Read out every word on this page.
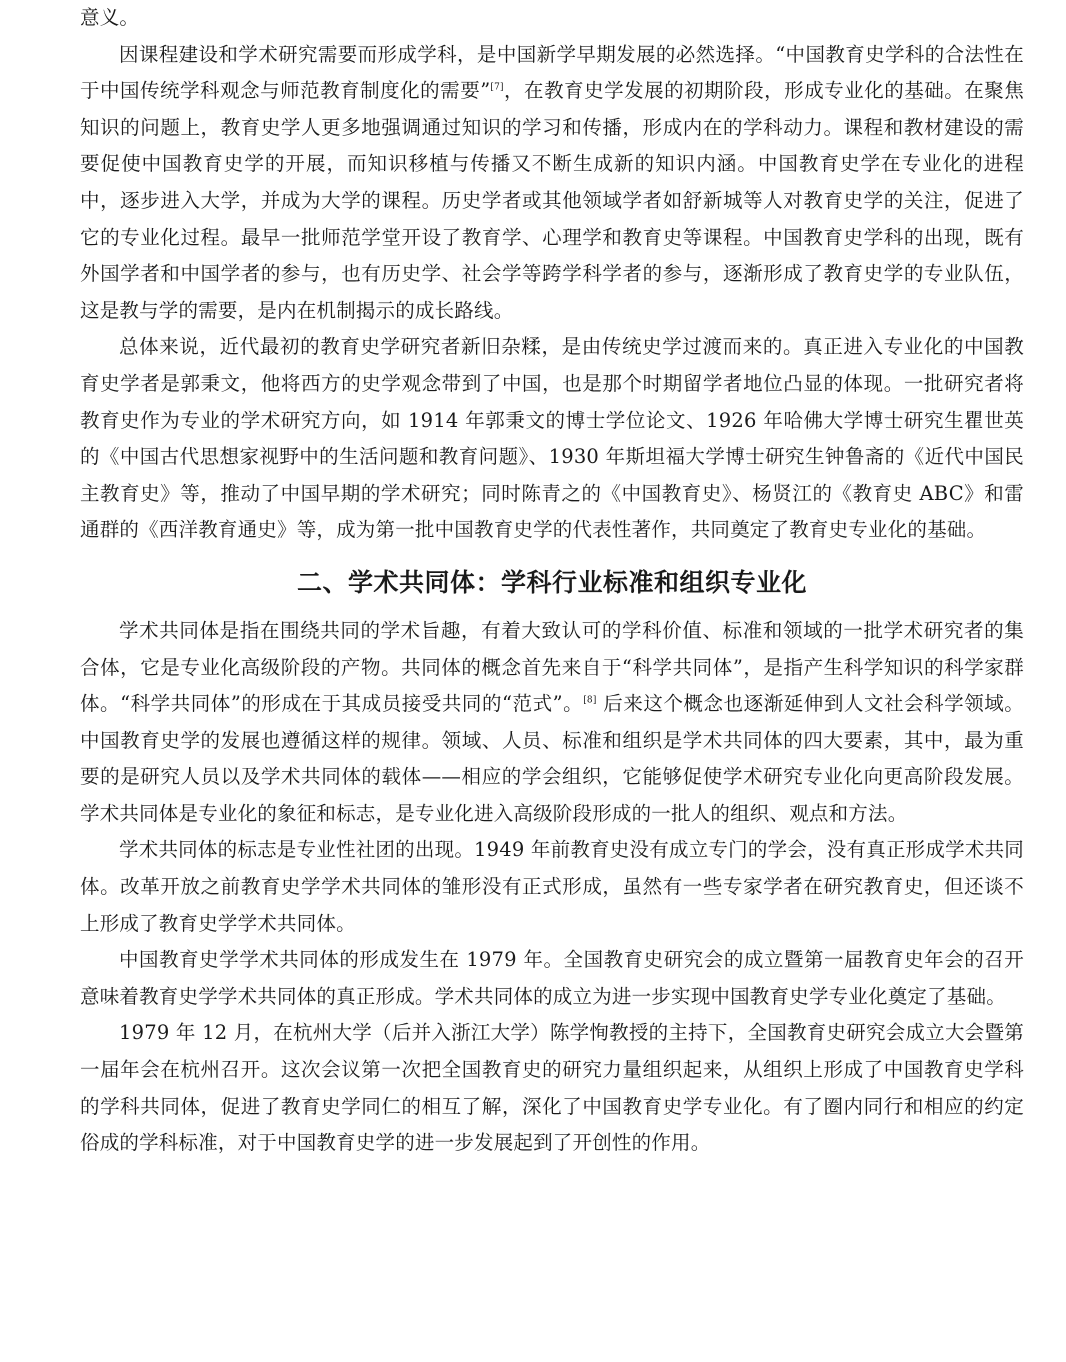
意义。

因课程建设和学术研究需要而形成学科，是中国新学早期发展的必然选择。“中国教育史学科的合法性在于中国传统学科观念与师范教育制度化的需要”[7]，在教育史学发展的初期阶段，形成专业化的基础。在聚焦知识的问题上，教育史学人更多地强调通过知识的学习和传播，形成内在的学科动力。课程和教材建设的需要促使中国教育史学的开展，而知识移植与传播又不断生成新的知识内涵。中国教育史学在专业化的进程中，逐步进入大学，并成为大学的课程。历史学者或其他领域学者如舒新城等人对教育史学的关注，促进了它的专业化过程。最早一批师范学堂开设了教育学、心理学和教育史等课程。中国教育史学科的出现，既有外国学者和中国学者的参与，也有历史学、社会学等跨学科学者的参与，逐渐形成了教育史学的专业队伍，这是教与学的需要，是内在机制揭示的成长路线。

总体来说，近代最初的教育史学研究者新旧杂糅，是由传统史学过渡而来的。真正进入专业化的中国教育史学者是郭秉文，他将西方的史学观念带到了中国，也是那个时期留学者地位凸显的体现。一批研究者将教育史作为专业的学术研究方向，如 1914 年郭秉文的博士学位论文、1926 年哈佛大学博士研究生瞿世英的《中国古代思想家视野中的生活问题和教育问题》、1930 年斯坦福大学博士研究生钟鲁斋的《近代中国民主教育史》等，推动了中国早期的学术研究；同时陈青之的《中国教育史》、杨贤江的《教育史 ABC》和雷通群的《西洋教育通史》等，成为第一批中国教育史学的代表性著作，共同奠定了教育史专业化的基础。

二、学术共同体：学科行业标准和组织专业化

学术共同体是指在围绕共同的学术旨趣，有着大致认可的学科价值、标准和领域的一批学术研究者的集合体，它是专业化高级阶段的产物。共同体的概念首先来自于“科学共同体”，是指产生科学知识的科学家群体。“科学共同体”的形成在于其成员接受共同的“范式”。[8] 后来这个概念也逐渐延伸到人文社会科学领域。中国教育史学的发展也遵循这样的规律。领域、人员、标准和组织是学术共同体的四大要素，其中，最为重要的是研究人员以及学术共同体的载体——相应的学会组织，它能够促使学术研究专业化向更高阶段发展。学术共同体是专业化的象征和标志，是专业化进入高级阶段形成的一批人的组织、观点和方法。

学术共同体的标志是专业性社团的出现。1949 年前教育史没有成立专门的学会，没有真正形成学术共同体。改革开放之前教育史学学术共同体的雏形没有正式形成，虽然有一些专家学者在研究教育史，但还谈不上形成了教育史学学术共同体。

中国教育史学学术共同体的形成发生在 1979 年。全国教育史研究会的成立暨第一届教育史年会的召开意味着教育史学学术共同体的真正形成。学术共同体的成立为进一步实现中国教育史学专业化奠定了基础。

1979 年 12 月，在杭州大学（后并入浙江大学）陈学恂教授的主持下，全国教育史研究会成立大会暨第一届年会在杭州召开。这次会议第一次把全国教育史的研究力量组织起来，从组织上形成了中国教育史学科的学科共同体，促进了教育史学同仁的相互了解，深化了中国教育史学专业化。有了圈内同行和相应的约定俗成的学科标准，对于中国教育史学的进一步发展起到了开创性的作用。
